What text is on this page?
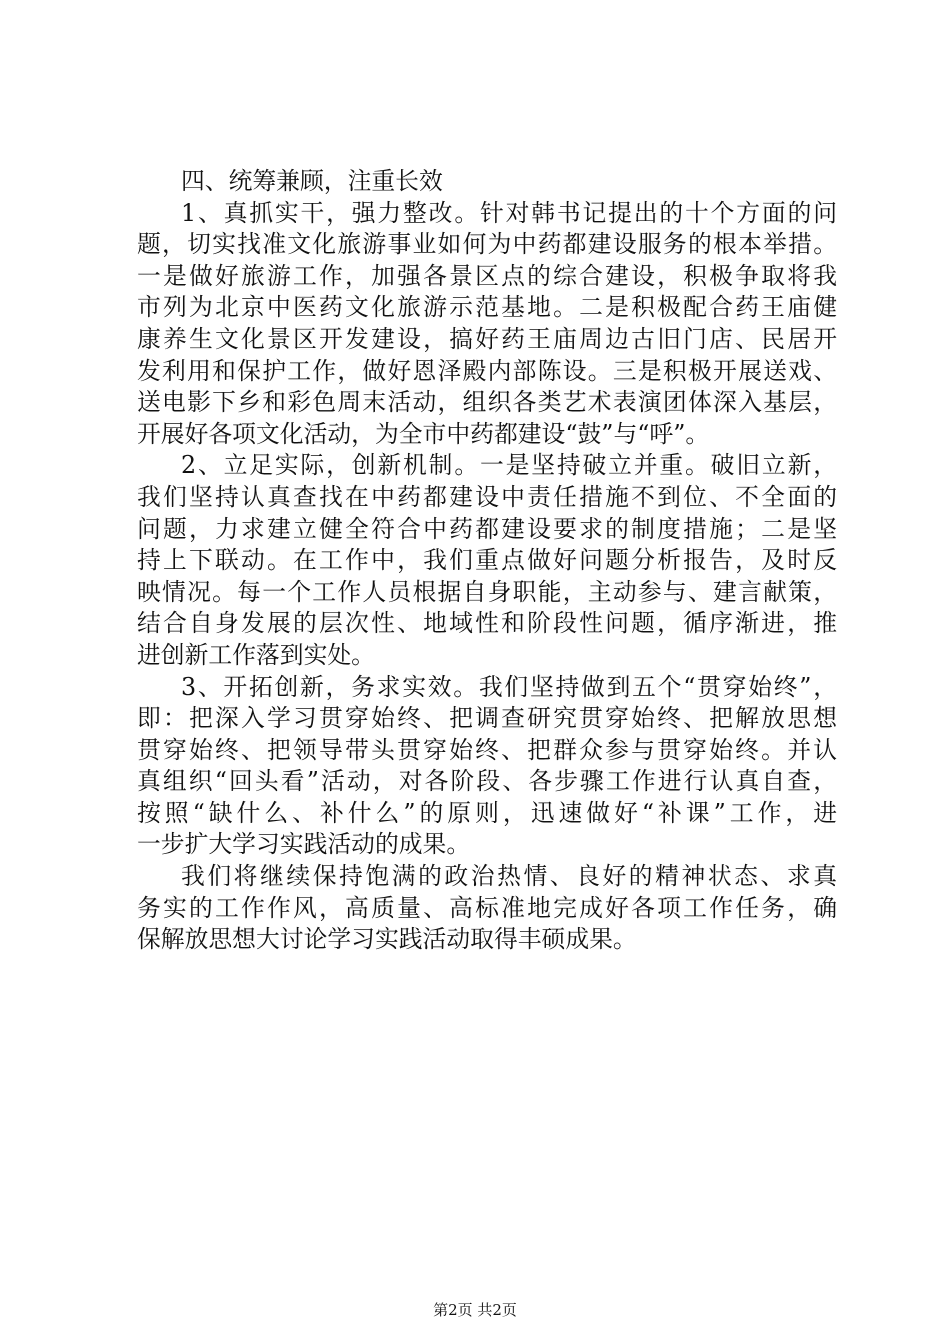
四、统筹兼顾，注重长效
1、真抓实干，强力整改。针对韩书记提出的十个方面的问
题，切实找准文化旅游事业如何为中药都建设服务的根本举措。
一是做好旅游工作，加强各景区点的综合建设，积极争取将我
市列为北京中医药文化旅游示范基地。二是积极配合药王庙健
康养生文化景区开发建设，搞好药王庙周边古旧门店、民居开
发利用和保护工作，做好恩泽殿内部陈设。三是积极开展送戏、
送电影下乡和彩色周末活动，组织各类艺术表演团体深入基层，
开展好各项文化活动，为全市中药都建设“鼓”与“呼”。
2、立足实际，创新机制。一是坚持破立并重。破旧立新，
我们坚持认真查找在中药都建设中责任措施不到位、不全面的
问题，力求建立健全符合中药都建设要求的制度措施；二是坚
持上下联动。在工作中，我们重点做好问题分析报告，及时反
映情况。每一个工作人员根据自身职能，主动参与、建言献策，
结合自身发展的层次性、地域性和阶段性问题，循序渐进，推
进创新工作落到实处。
3、开拓创新，务求实效。我们坚持做到五个“贯穿始终”，
即：把深入学习贯穿始终、把调查研究贯穿始终、把解放思想
贯穿始终、把领导带头贯穿始终、把群众参与贯穿始终。并认
真组织“回头看”活动，对各阶段、各步骤工作进行认真自查，
按照“缺什么、补什么”的原则，迅速做好“补课”工作，进
一步扩大学习实践活动的成果。
我们将继续保持饱满的政治热情、良好的精神状态、求真
务实的工作作风，高质量、高标准地完成好各项工作任务，确
保解放思想大讨论学习实践活动取得丰硕成果。
第2页 共2页
